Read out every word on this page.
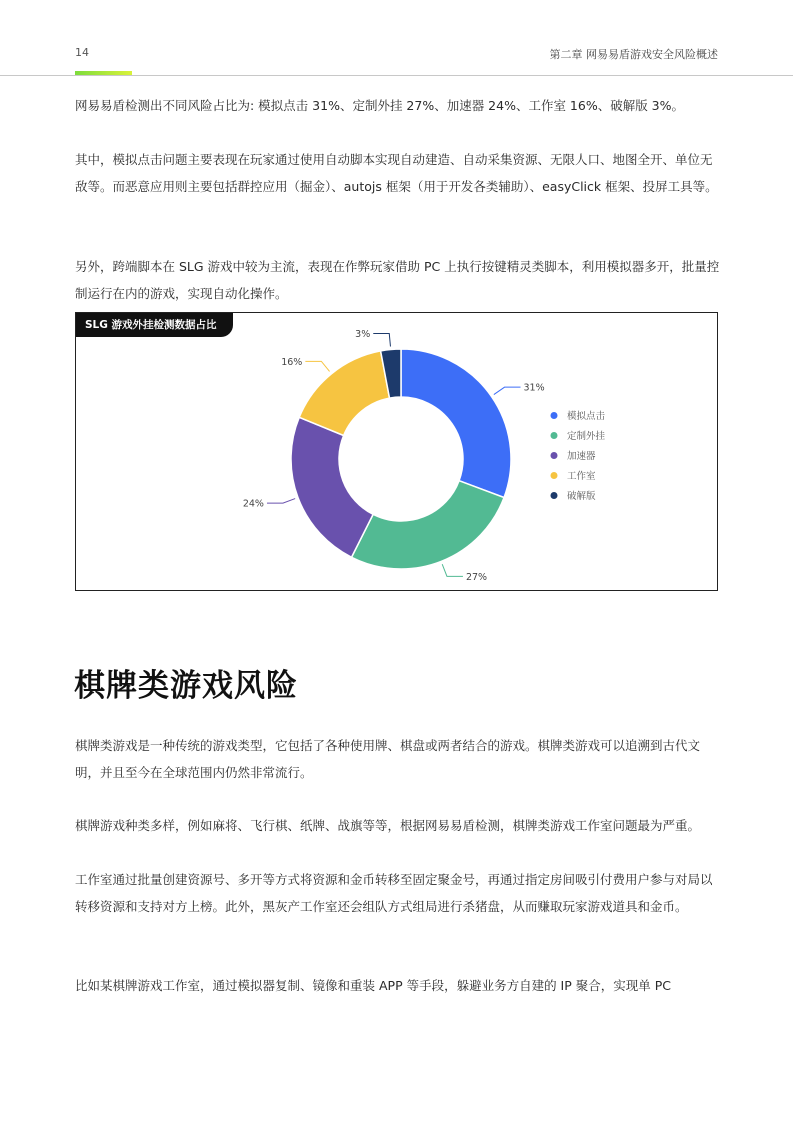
14	第二章 网易易盾游戏安全风险概述

网易易盾检测出不同风险占比为: 模拟点击 31%、定制外挂 27%、加速器 24%、工作室 16%、破解版 3%。

其中，模拟点击问题主要表现在玩家通过使用自动脚本实现自动建造、自动采集资源、无限人口、地图全开、单位无敌等。而恶意应用则主要包括群控应用（掘金）、autojs 框架（用于开发各类辅助）、easyClick 框架、投屏工具等。

另外，跨端脚本在 SLG 游戏中较为主流，表现在作弊玩家借助 PC 上执行按键精灵类脚本，利用模拟器多开，批量控制运行在内的游戏，实现自动化操作。

31%
27%
24%
16%
3%
模拟点击
定制外挂
加速器
工作室
破解版
SLG 游戏外挂检测数据占比
棋牌类游戏风险

棋牌类游戏是一种传统的游戏类型，它包括了各种使用牌、棋盘或两者结合的游戏。棋牌类游戏可以追溯到古代文明，并且至今在全球范围内仍然非常流行。

棋牌游戏种类多样，例如麻将、飞行棋、纸牌、战旗等等，根据网易易盾检测，棋牌类游戏工作室问题最为严重。

工作室通过批量创建资源号、多开等方式将资源和金币转移至固定聚金号，再通过指定房间吸引付费用户参与对局以转移资源和支持对方上榜。此外，黑灰产工作室还会组队方式组局进行杀猪盘，从而赚取玩家游戏道具和金币。

比如某棋牌游戏工作室，通过模拟器复制、镜像和重装 APP 等手段，躲避业务方自建的 IP 聚合，实现单 PC
